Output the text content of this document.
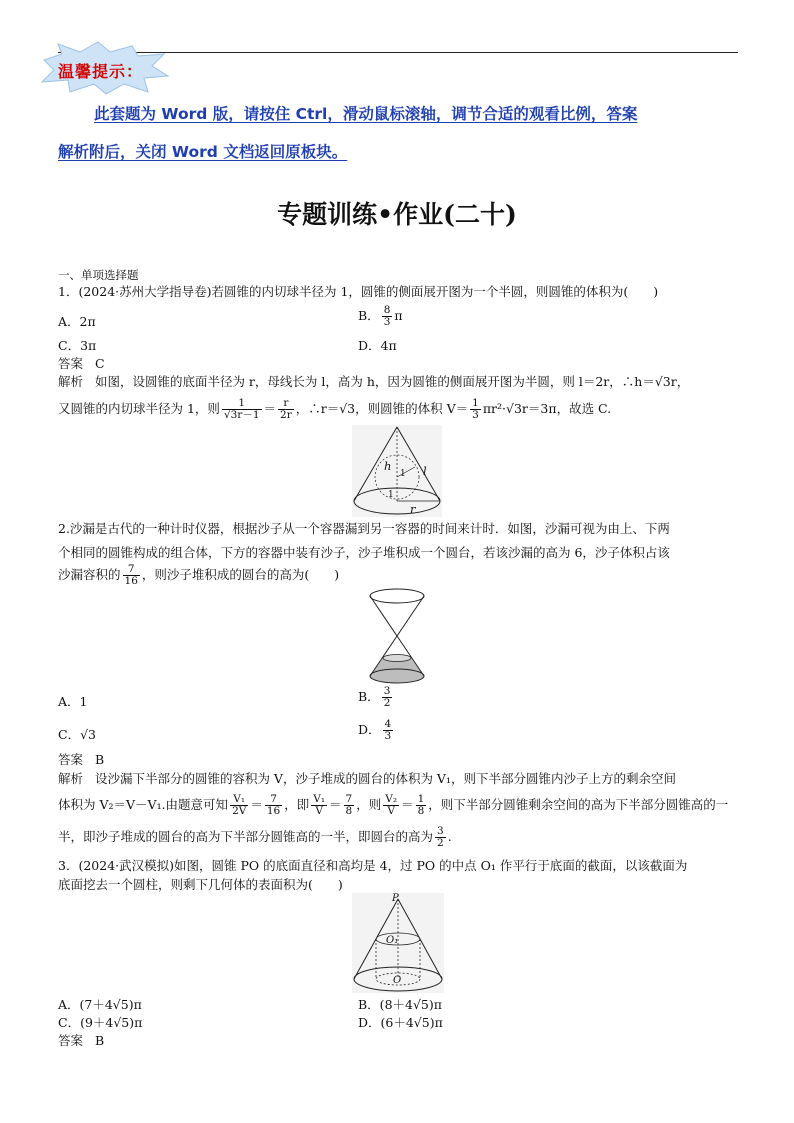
温馨提示：
此套题为 Word 版，请按住 Ctrl，滑动鼠标滚轴，调节合适的观看比例，答案
解析附后，关闭 Word 文档返回原板块。
专题训练•作业(二十)
一、单项选择题
1．(2024·苏州大学指导卷)若圆锥的内切球半径为 1，圆锥的侧面展开图为一个半圆，则圆锥的体积为(　　)
A．2π	B． $\frac{8}{3}$ π
C．3π	D．4π
答案 C
解析 如图，设圆锥的底面半径为 r，母线长为 l，高为 h，因为圆锥的侧面展开图为半圆，则 l＝2r，∴h＝√3r，
又圆锥的内切球半径为 1，则 $\frac{1}{√3r-1} = \frac{r}{2r}$ ，∴r＝√3，则圆锥的体积 $V= \frac{1}{3} \pi r^2\cdot√3r=3\pi$，故选 C.
h	l
1
1
r
2.沙漏是古代的一种计时仪器，根据沙子从一个容器漏到另一容器的时间来计时．如图，沙漏可视为由上、下两
个相同的圆锥构成的组合体，下方的容器中装有沙子，沙子堆积成一个圆台，若该沙漏的高为 6，沙子体积占该
沙漏容积的 $\frac{7}{16}$ ，则沙子堆积成的圆台的高为(　　)
A．1	B． $\frac{3}{2}$
C．√3	D． $\frac{4}{3}$
答案 B
解析 设沙漏下半部分的圆锥的容积为 V，沙子堆成的圆台的体积为 V₁，则下半部分圆锥内沙子上方的剩余空间
体积为 V₂＝V－V₁.由题意可知 $\frac{\text{V₁}}{2V} = \frac{7}{16}$ ，即 $\frac{\text{V₁}}{V} = \frac{7}{8}$ ，则 $\frac{\text{V₂}}{V} = \frac{1}{8}$ ，则下半部分圆锥剩余空间的高为下半部分圆锥高的一
半，即沙子堆成的圆台的高为下半部分圆锥高的一半，即圆台的高为 $\frac{3}{2}$ .
3．(2024·武汉模拟)如图，圆锥 PO 的底面直径和高均是 4，过 PO 的中点 O₁ 作平行于底面的截面，以该截面为
底面挖去一个圆柱，则剩下几何体的表面积为(　　)
P
O₁
O
A．(7＋4√5)π	B．(8＋4√5)π
C．(9＋4√5)π	D．(6＋4√5)π
答案 B
